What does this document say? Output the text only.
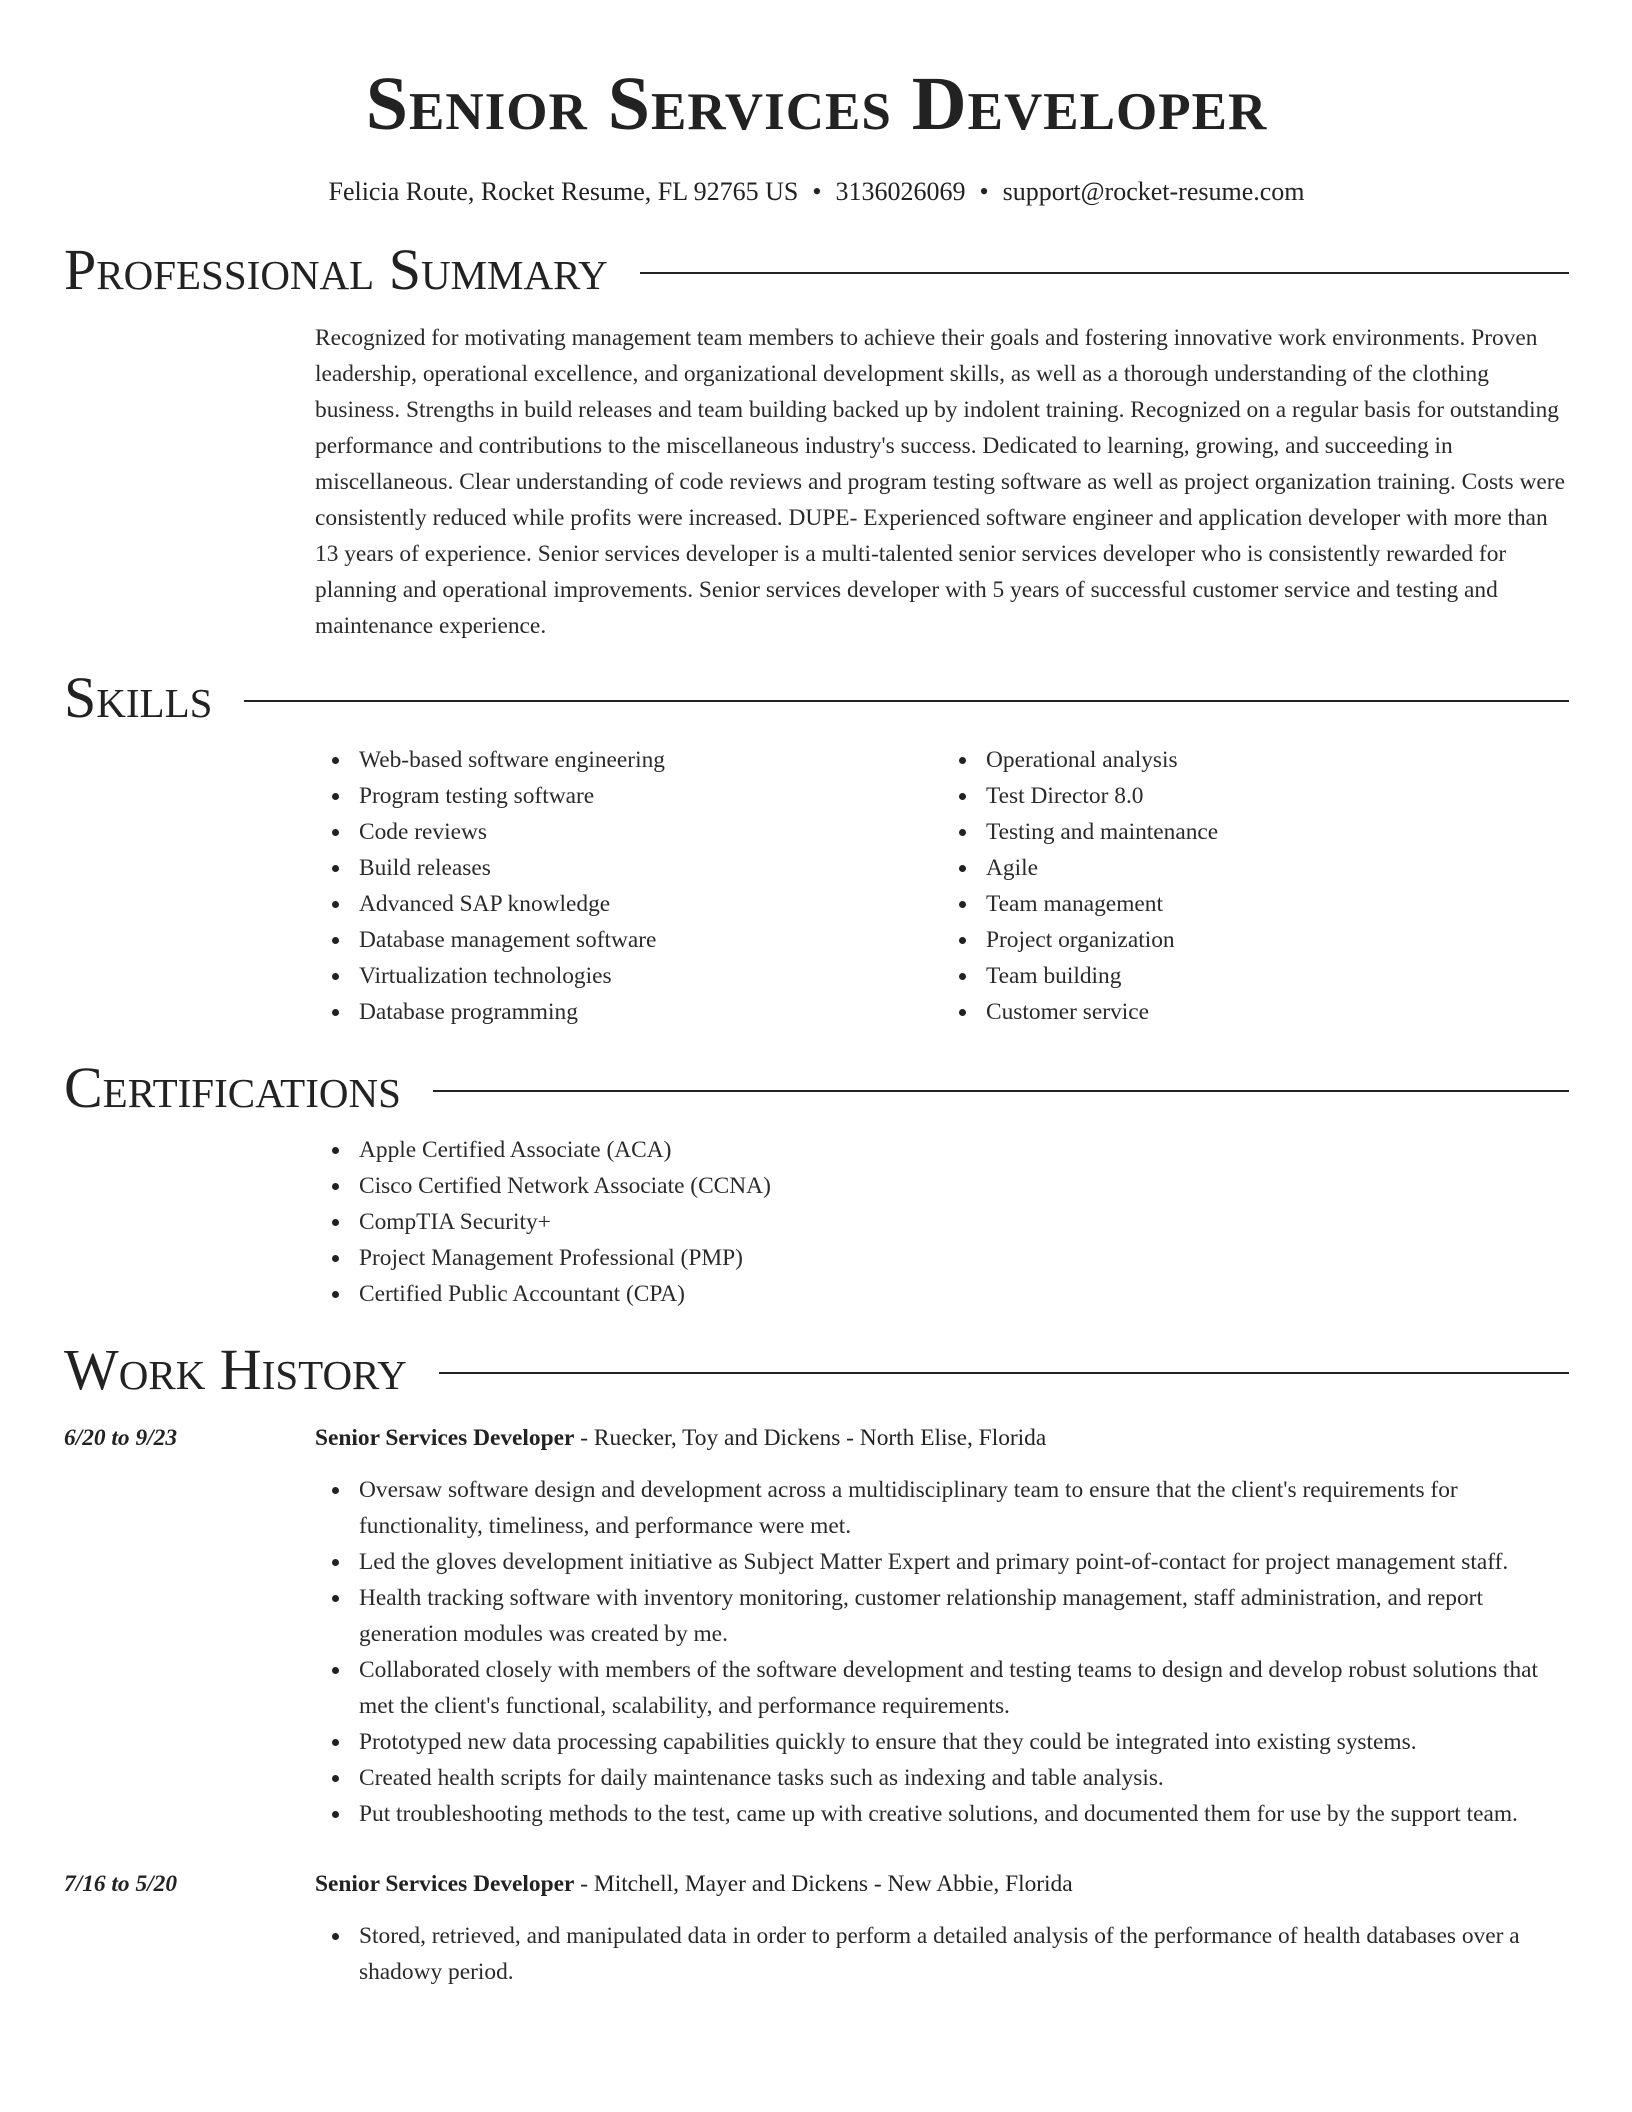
Senior Services Developer
Felicia Route, Rocket Resume, FL 92765 US • 3136026069 • support@rocket-resume.com
Professional Summary

Recognized for motivating management team members to achieve their goals and fostering innovative work environments. Proven leadership, operational excellence, and organizational development skills, as well as a thorough understanding of the clothing business. Strengths in build releases and team building backed up by indolent training. Recognized on a regular basis for outstanding performance and contributions to the miscellaneous industry's success. Dedicated to learning, growing, and succeeding in miscellaneous. Clear understanding of code reviews and program testing software as well as project organization training. Costs were consistently reduced while profits were increased. DUPE- Experienced software engineer and application developer with more than 13 years of experience. Senior services developer is a multi-talented senior services developer who is consistently rewarded for planning and operational improvements. Senior services developer with 5 years of successful customer service and testing and maintenance experience.

Skills
Web-based software engineering
Program testing software
Code reviews
Build releases
Advanced SAP knowledge
Database management software
Virtualization technologies
Database programming
Operational analysis
Test Director 8.0
Testing and maintenance
Agile
Team management
Project organization
Team building
Customer service
Certifications
Apple Certified Associate (ACA)
Cisco Certified Network Associate (CCNA)
CompTIA Security+
Project Management Professional (PMP)
Certified Public Accountant (CPA)
Work History
6/20 to 9/23	Senior Services Developer - Ruecker, Toy and Dickens - North Elise, Florida
Oversaw software design and development across a multidisciplinary team to ensure that the client's requirements for functionality, timeliness, and performance were met.
Led the gloves development initiative as Subject Matter Expert and primary point-of-contact for project management staff.
Health tracking software with inventory monitoring, customer relationship management, staff administration, and report generation modules was created by me.
Collaborated closely with members of the software development and testing teams to design and develop robust solutions that met the client's functional, scalability, and performance requirements.
Prototyped new data processing capabilities quickly to ensure that they could be integrated into existing systems.
Created health scripts for daily maintenance tasks such as indexing and table analysis.
Put troubleshooting methods to the test, came up with creative solutions, and documented them for use by the support team.
7/16 to 5/20	Senior Services Developer - Mitchell, Mayer and Dickens - New Abbie, Florida
Stored, retrieved, and manipulated data in order to perform a detailed analysis of the performance of health databases over a shadowy period.
